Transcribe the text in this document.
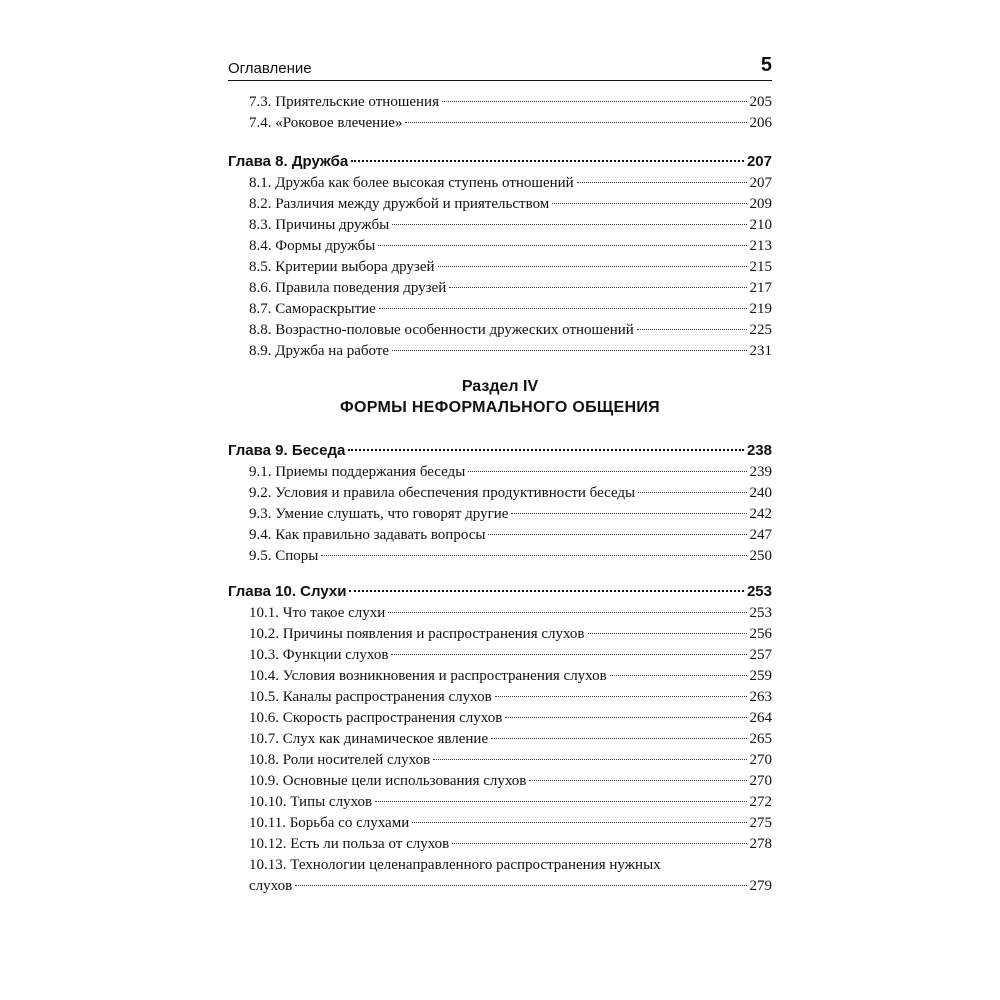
Оглавление	5
7.3. Приятельские отношения	205
7.4. «Роковое влечение»	206
Глава 8. Дружба	207
8.1. Дружба как более высокая ступень отношений	207
8.2. Различия между дружбой и приятельством	209
8.3. Причины дружбы	210
8.4. Формы дружбы	213
8.5. Критерии выбора друзей	215
8.6. Правила поведения друзей	217
8.7. Самораскрытие	219
8.8. Возрастно-половые особенности дружеских отношений	225
8.9. Дружба на работе	231
Раздел IV
ФОРМЫ НЕФОРМАЛЬНОГО ОБЩЕНИЯ
Глава 9. Беседа	238
9.1. Приемы поддержания беседы	239
9.2. Условия и правила обеспечения продуктивности беседы	240
9.3. Умение слушать, что говорят другие	242
9.4. Как правильно задавать вопросы	247
9.5. Споры	250
Глава 10. Слухи	253
10.1. Что такое слухи	253
10.2. Причины появления и распространения слухов	256
10.3. Функции слухов	257
10.4. Условия возникновения и распространения слухов	259
10.5. Каналы распространения слухов	263
10.6. Скорость распространения слухов	264
10.7. Слух как динамическое явление	265
10.8. Роли носителей слухов	270
10.9. Основные цели использования слухов	270
10.10. Типы слухов	272
10.11. Борьба со слухами	275
10.12. Есть ли польза от слухов	278
10.13. Технологии целенаправленного распространения нужных
слухов	279
